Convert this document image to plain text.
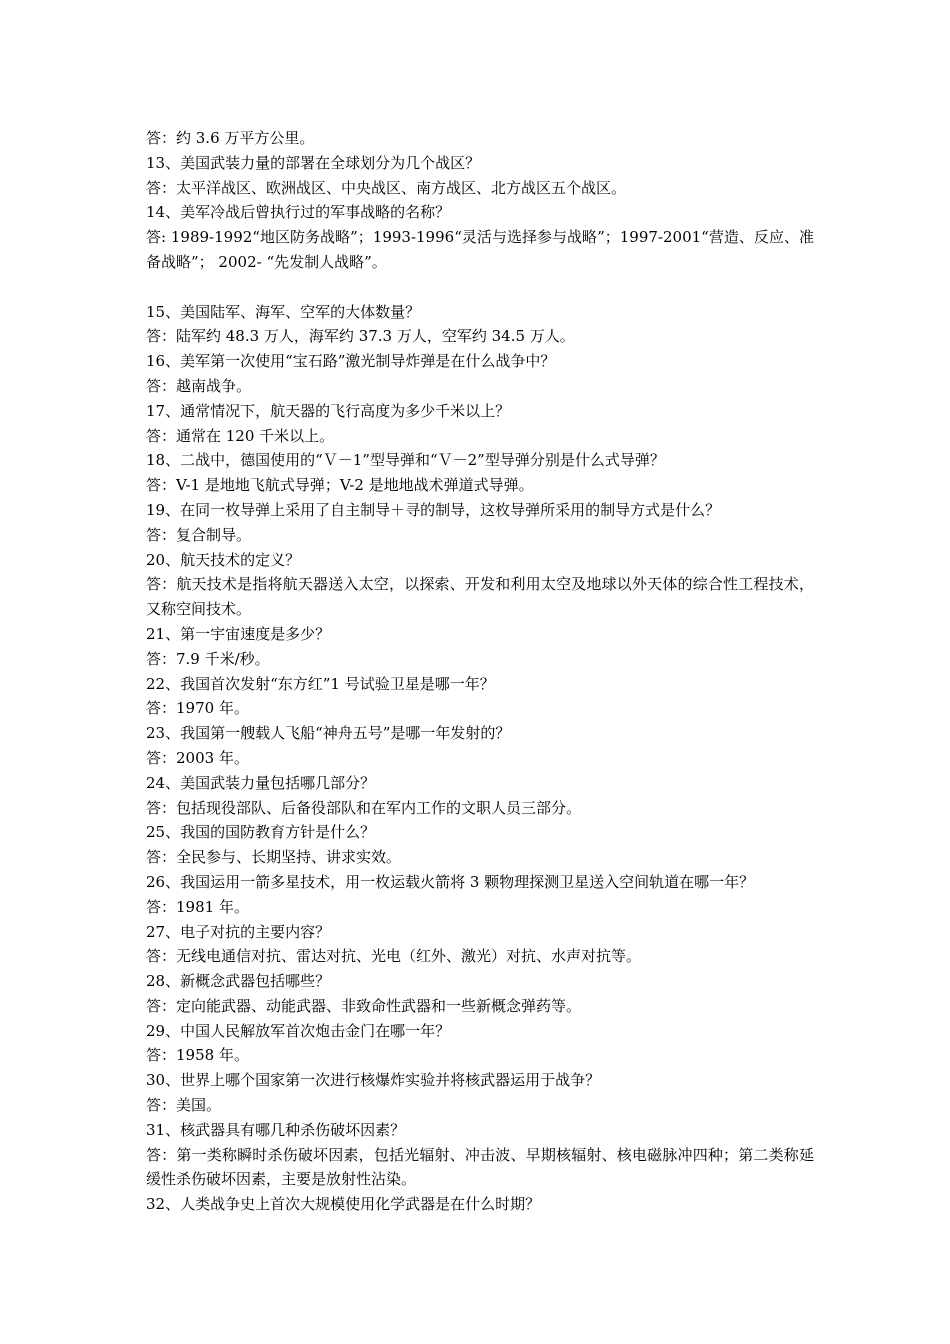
答：约 3.6 万平方公里。
13、美国武装力量的部署在全球划分为几个战区？
答：太平洋战区、欧洲战区、中央战区、南方战区、北方战区五个战区。
14、美军冷战后曾执行过的军事战略的名称？
答: 1989-1992“地区防务战略”；1993-1996“灵活与选择参与战略”；1997-2001“营造、反应、准备战略”； 2002- “先发制人战略”。
15、美国陆军、海军、空军的大体数量？
答：陆军约 48.3 万人，海军约 37.3 万人，空军约 34.5 万人。
16、美军第一次使用“宝石路”激光制导炸弹是在什么战争中？
答：越南战争。
17、通常情况下，航天器的飞行高度为多少千米以上？
答：通常在 120 千米以上。
18、二战中，德国使用的“Ｖ－1”型导弹和“Ｖ－2”型导弹分别是什么式导弹？
答：V-1 是地地飞航式导弹；V-2 是地地战术弹道式导弹。
19、在同一枚导弹上采用了自主制导＋寻的制导，这枚导弹所采用的制导方式是什么？
答：复合制导。
20、航天技术的定义？
答：航天技术是指将航天器送入太空，以探索、开发和利用太空及地球以外天体的综合性工程技术，又称空间技术。
21、第一宇宙速度是多少？
答：7.9 千米/秒。
22、我国首次发射“东方红”1 号试验卫星是哪一年？
答：1970 年。
23、我国第一艘载人飞船“神舟五号”是哪一年发射的？
答：2003 年。
24、美国武装力量包括哪几部分？
答：包括现役部队、后备役部队和在军内工作的文职人员三部分。
25、我国的国防教育方针是什么？
答：全民参与、长期坚持、讲求实效。
26、我国运用一箭多星技术，用一枚运载火箭将 3 颗物理探测卫星送入空间轨道在哪一年？
答：1981 年。
27、电子对抗的主要内容？
答：无线电通信对抗、雷达对抗、光电（红外、激光）对抗、水声对抗等。
28、新概念武器包括哪些？
答：定向能武器、动能武器、非致命性武器和一些新概念弹药等。
29、中国人民解放军首次炮击金门在哪一年？
答：1958 年。
30、世界上哪个国家第一次进行核爆炸实验并将核武器运用于战争？
答：美国。
31、核武器具有哪几种杀伤破坏因素？
答：第一类称瞬时杀伤破坏因素，包括光辐射、冲击波、早期核辐射、核电磁脉冲四种；第二类称延缓性杀伤破坏因素，主要是放射性沾染。
32、人类战争史上首次大规模使用化学武器是在什么时期？
